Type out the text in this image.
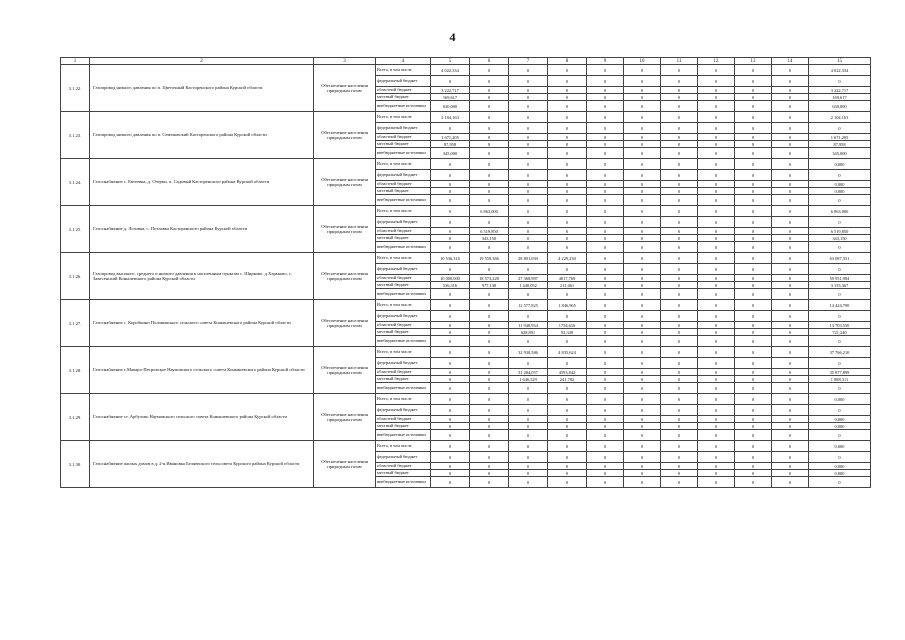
4
1	2	3	4	5	6	7	8	9	10	11	12	13	14	15
3.1.22.	Газопровод низкого давления по п. Цветочный Касторенского района Курской области	Обеспечение населения природным газом	Всего, в том числе	4 022,334	0	0	0	0	0	0	0	0	0	4 022,334
			федеральный бюджет	0	0	0	0	0	0	0	0	0	0	0
			областной бюджет	3 222,717	0	0	0	0	0	0	0	0	0	3 222,717
			местный бюджет	169,617	0	0	0	0	0	0	0	0	0	169,617
			внебюджетные источники	630,000	0	0	0	0	0	0	0	0	0	630,000
3.1.23.	Газопровод низкого давления по п. Семеновский Касторенского района Курской области	Обеспечение населения природным газом	Всего, в том числе	2 104,163	0	0	0	0	0	0	0	0	0	2 104,163
			федеральный бюджет	0	0	0	0	0	0	0	0	0	0	0
			областной бюджет	1 671,205	0	0	0	0	0	0	0	0	0	1 671,205
			местный бюджет	87,958	0	0	0	0	0	0	0	0	0	87,958
			внебюджетные источники	345,000	0	0	0	0	0	0	0	0	0	345,000
3.1.24.	Газоснабжение с. Евтеевка, д. Озерки, п. Садовый Касторенского района Курской области	Обеспечение населения природным газом	Всего, в том числе	0	0	0	0	0	0	0	0	0	0	0,000
			федеральный бюджет	0	0	0	0	0	0	0	0	0	0	0
			областной бюджет	0	0	0	0	0	0	0	0	0	0	0,000
			местный бюджет	0	0	0	0	0	0	0	0	0	0	0,000
			внебюджетные источники	0	0	0	0	0	0	0	0	0	0	0
3.1.25.	Газоснабжение д. Лозовка, с. Потлавка Касторенского района Курской области	Обеспечение населения природным газом	Всего, в том числе	0	6 863,000	0	0	0	0	0	0	0	0	6 863,000
			федеральный бюджет	0	0	0	0	0	0	0	0	0	0	0
			областной бюджет	0	6 519,850	0	0	0	0	0	0	0	0	6 519,850
			местный бюджет	0	343,150	0	0	0	0	0	0	0	0	343,150
			внебюджетные источники	0	0	0	0	0	0	0	0	0	0	0
3.1.26.	Газопровод высокого, среднего и низкого давления к населенным пунктам с. Ширково, д.Харьково, с. Завесенский Коньшевского района Курской области	Обеспечение населения природным газом	Всего, в том числе	10 536,316	19 550,366	28 801,039	4 229,230	0	0	0	0	0	0	63 087,351
			федеральный бюджет	0	0	0	0	0	0	0	0	0	0	0
			областной бюджет	10 000,000	18 573,228	27 360,987	4017,769	0	0	0	0	0	0	59 951,984
			местный бюджет	536,316	977,138	1 440,052	211,461	0	0	0	0	0	0	3 155,367
			внебюджетные источники	0	0	0	0	0	0	0	0	0	0	0
3.1.27.	Газоснабжение с. Коробкино Половинского сельского совета Конышевского района Курской области	Обеспечение населения природным газом	Всего, в том числе	0	0	12 577,825	1 846,965	0	0	0	0	0	0	14 424,790
			федеральный бюджет	0	0	0	0	0	0	0	0	0	0	0
			областной бюджет	0	0	11 948,934	1754,616	0	0	0	0	0	0	13 703,550
			местный бюджет	0	0	628,891	92,349	0	0	0	0	0	0	721,240
			внебюджетные источники	0	0	0	0	0	0	0	0	0	0	0
3.1.28.	Газоснабжение с.Макаро-Петровское Наумовского сельского совета Конышевского района Курской области	Обеспечение населения природным газом	Всего, в том числе	0	0	32 930,586	4 835,624	0	0	0	0	0	0	37 766,210
			федеральный бюджет	0	0	0	0	0	0	0	0	0	0	0
			областной бюджет	0	0	31 284,057	4593,842	0	0	0	0	0	0	35 877,899
			местный бюджет	0	0	1 646,529	241,782	0	0	0	0	0	0	1 888,311
			внебюджетные источники	0	0	0	0	0	0	0	0	0	0	0
3.1.29.	Газоснабжение ст. Арбузово Наумовского сельского совета Конышевского района Курской области	Обеспечение населения природным газом	Всего, в том числе	0	0	0	0	0	0	0	0	0	0	0,000
			федеральный бюджет	0	0	0	0	0	0	0	0	0	0	0
			областной бюджет	0	0	0	0	0	0	0	0	0	0	0,000
			местный бюджет	0	0	0	0	0	0	0	0	0	0	0,000
			внебюджетные источники	0	0	0	0	0	0	0	0	0	0	0
3.1.30.	Газоснабжение жилых домов в д. 2-я Ивановка Беляевского сельсовета Курского района Курской области	Обеспечение населения природным газом	Всего, в том числе	0	0	0	0	0	0	0	0	0	0	0,000
			федеральный бюджет	0	0	0	0	0	0	0	0	0	0	0
			областной бюджет	0	0	0	0	0	0	0	0	0	0	0,000
			местный бюджет	0	0	0	0	0	0	0	0	0	0	0,000
			внебюджетные источники	0	0	0	0	0	0	0	0	0	0	0
